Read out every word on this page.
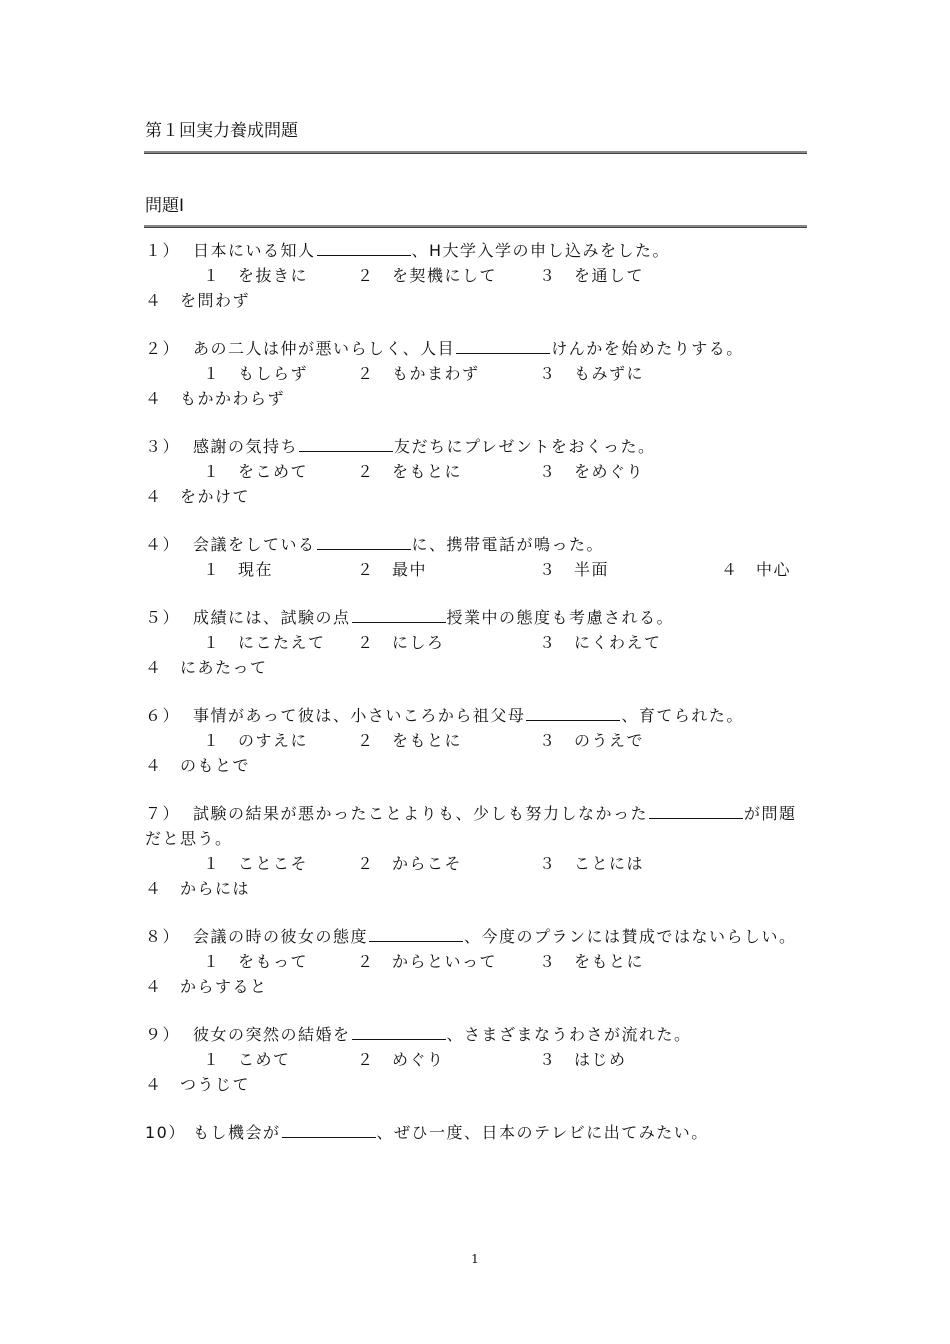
第１回実力養成問題
問題Ⅰ
１） 日本にいる知人	、H大学入学の申し込みをした。
１　を抜きに	２　を契機にして	３　を通して４　を問わず
２） あの二人は仲が悪いらしく、人目	けんかを始めたりする。
１　もしらず	２　もかまわず	３　もみずに４　もかかわらず
３） 感謝の気持ち	友だちにプレゼントをおくった。
１　をこめて	２　をもとに	３　をめぐり４　をかけて
４） 会議をしている	に、携帯電話が鳴った。
１　現在	２　最中	３　半面	４　中心
５） 成績には、試験の点	授業中の態度も考慮される。
１　にこたえて ２　にしろ	３　にくわえて４　にあたって
６） 事情があって彼は、小さいころから祖父母	、育てられた。
１　のすえに	２　をもとに	３　のうえで４　のもとで
７） 試験の結果が悪かったことよりも、少しも努力しなかった	が問題だと思う。
１　ことこそ	２　からこそ	３　ことには４　からには
８） 会議の時の彼女の態度	、今度のプランには賛成ではないらしい。
１　をもって	２　からといって	３　をもとに４　からすると
９） 彼女の突然の結婚を	、さまざまなうわさが流れた。
１　こめて	２　めぐり	３　はじめ４　つうじて
10） もし機会が	、ぜひ一度、日本のテレビに出てみたい。
1
